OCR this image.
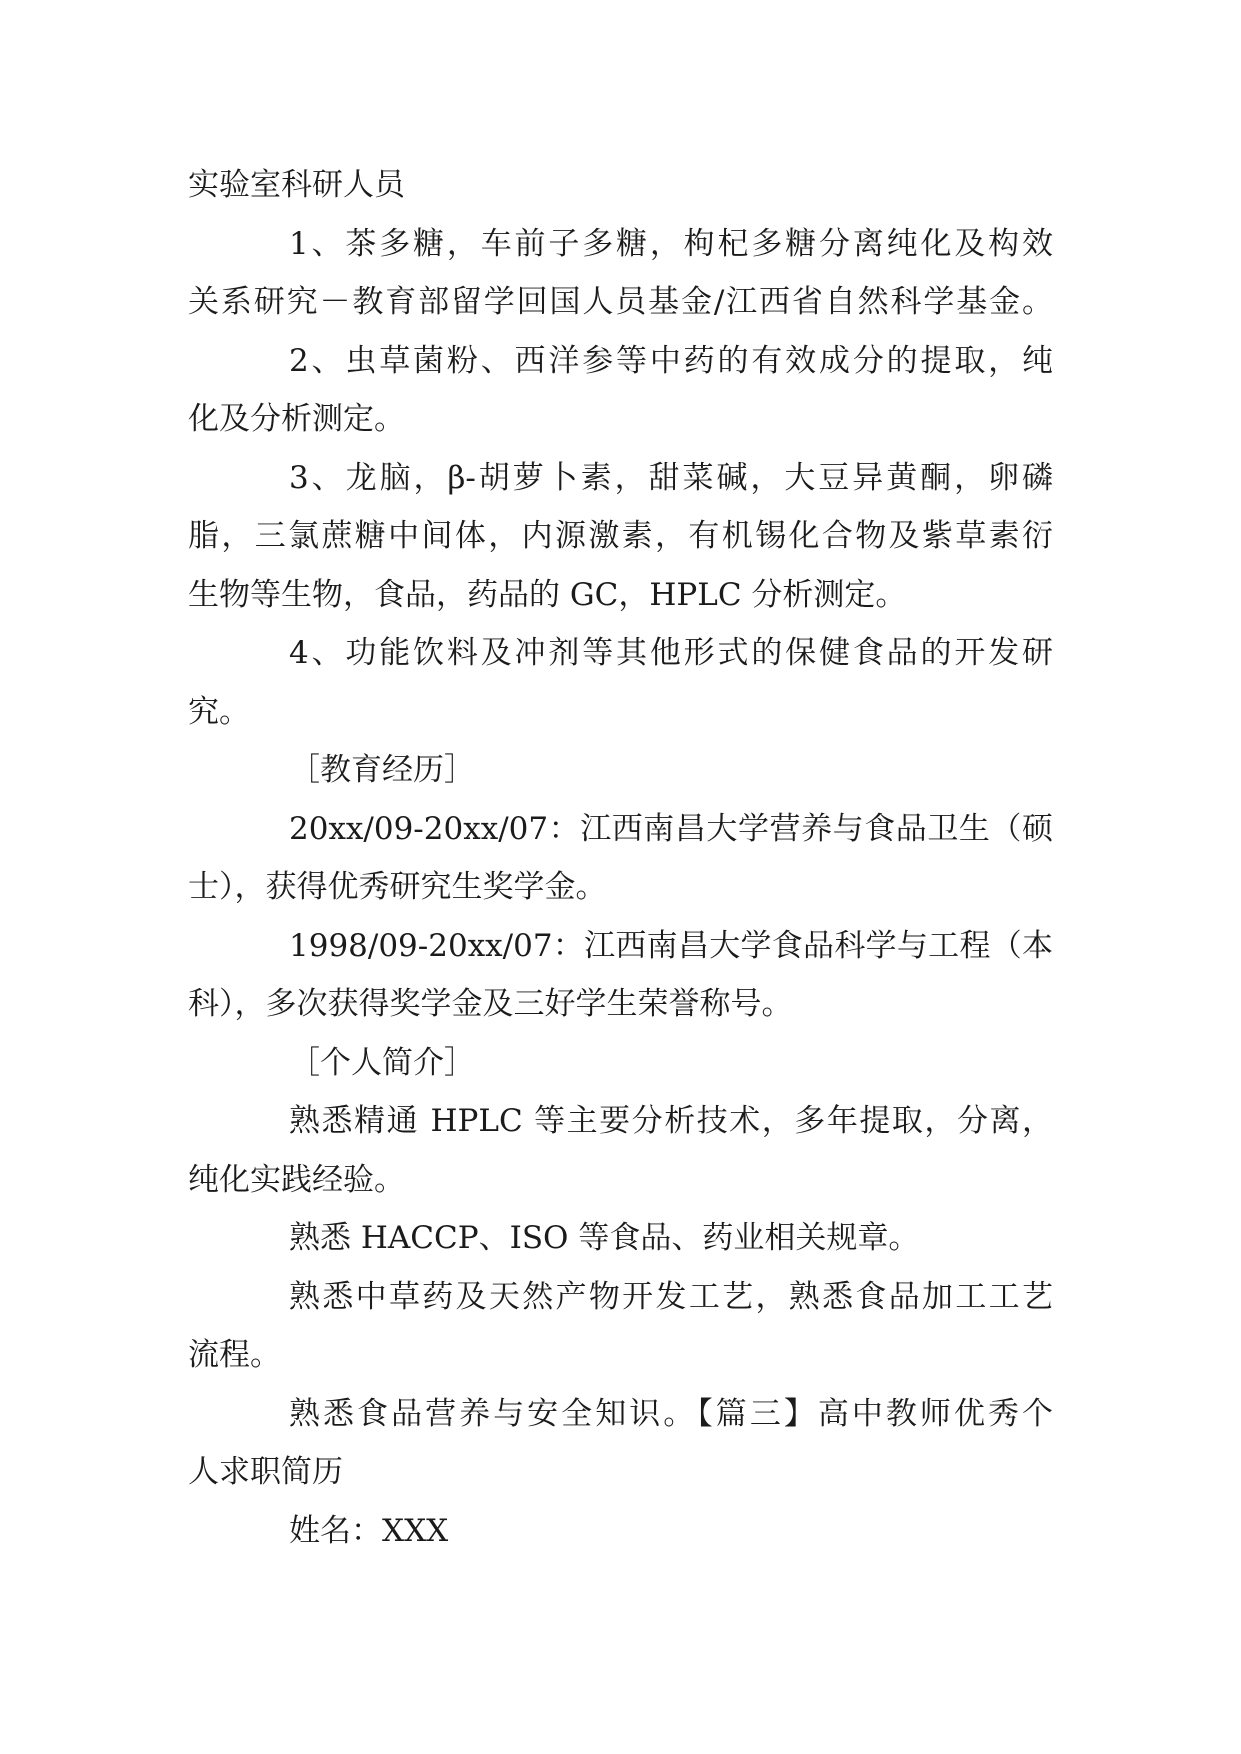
实验室科研人员
1、茶多糖，车前子多糖，枸杞多糖分离纯化及构效
关系研究－教育部留学回国人员基金/江西省自然科学基金。
2、虫草菌粉、西洋参等中药的有效成分的提取，纯
化及分析测定。
3、龙脑，β-胡萝卜素，甜菜碱，大豆异黄酮，卵磷
脂，三氯蔗糖中间体，内源激素，有机锡化合物及紫草素衍
生物等生物，食品，药品的 GC，HPLC 分析测定。
4、功能饮料及冲剂等其他形式的保健食品的开发研
究。
［教育经历］
20xx/09-20xx/07：江西南昌大学营养与食品卫生（硕
士），获得优秀研究生奖学金。
1998/09-20xx/07：江西南昌大学食品科学与工程（本
科），多次获得奖学金及三好学生荣誉称号。
［个人简介］
熟悉精通 HPLC 等主要分析技术，多年提取，分离，
纯化实践经验。
熟悉 HACCP、ISO 等食品、药业相关规章。
熟悉中草药及天然产物开发工艺，熟悉食品加工工艺
流程。
熟悉食品营养与安全知识。【篇三】高中教师优秀个
人求职简历
姓名：XXX
